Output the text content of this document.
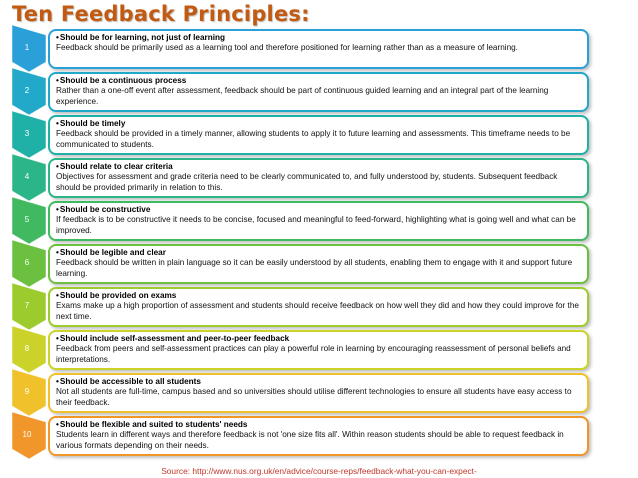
Ten Feedback Principles:
1
•Should be for learning, not just of learning
Feedback should be primarily used as a learning tool and therefore positioned for learning rather than as a measure of learning.
2
•Should be a continuous process
Rather than a one-off event after assessment, feedback should be part of continuous guided learning and an integral part of the learning experience.
3
•Should be timely
Feedback should be provided in a timely manner, allowing students to apply it to future learning and assessments. This timeframe needs to be communicated to students.
4
•Should relate to clear criteria
Objectives for assessment and grade criteria need to be clearly communicated to, and fully understood by, students. Subsequent feedback should be provided primarily in relation to this.
5
•Should be constructive
If feedback is to be constructive it needs to be concise, focused and meaningful to feed-forward, highlighting what is going well and what can be improved.
6
•Should be legible and clear
Feedback should be written in plain language so it can be easily understood by all students, enabling them to engage with it and support future learning.
7
•Should be provided on exams
Exams make up a high proportion of assessment and students should receive feedback on how well they did and how they could improve for the next time.
8
•Should include self-assessment and peer-to-peer feedback
Feedback from peers and self-assessment practices can play a powerful role in learning by encouraging reassessment of personal beliefs and interpretations.
9
•Should be accessible to all students
Not all students are full-time, campus based and so universities should utilise different technologies to ensure all students have easy access to their feedback.
10
•Should be flexible and suited to students' needs
Students learn in different ways and therefore feedback is not 'one size fits all'. Within reason students should be able to request feedback in various formats depending on their needs.
Source: http://www.nus.org.uk/en/advice/course-reps/feedback-what-you-can-expect-
